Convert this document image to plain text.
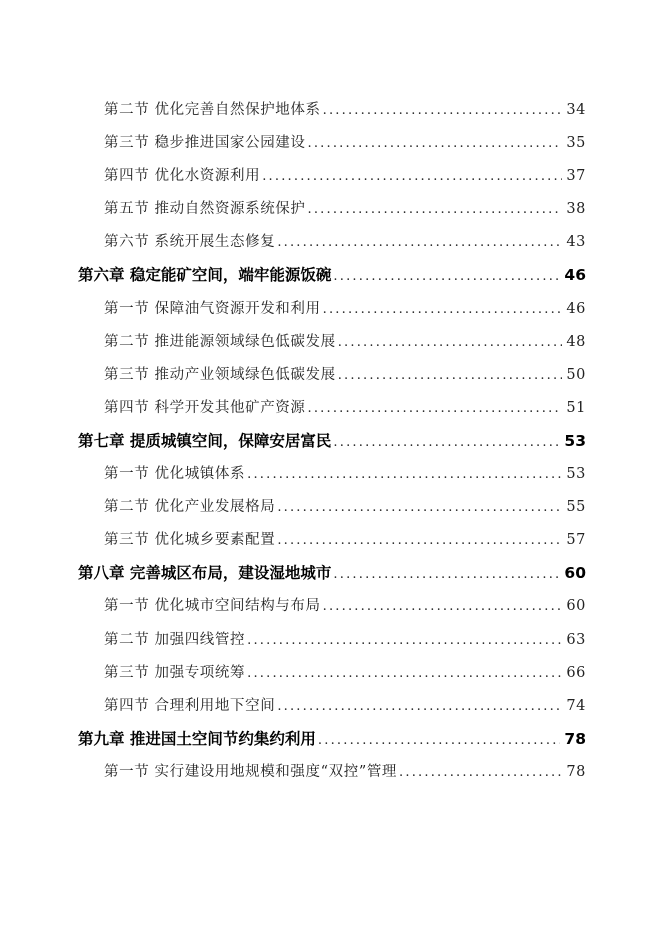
第二节 优化完善自然保护地体系 .....	34
第三节 稳步推进国家公园建设 .....	35
第四节 优化水资源利用 .....	37
第五节 推动自然资源系统保护 .....	38
第六节 系统开展生态修复 .....	43
第六章 稳定能矿空间，端牢能源饭碗 .....	46
第一节 保障油气资源开发和利用 .....	46
第二节 推进能源领域绿色低碳发展 .....	48
第三节 推动产业领域绿色低碳发展 .....	50
第四节 科学开发其他矿产资源 .....	51
第七章 提质城镇空间，保障安居富民 .....	53
第一节 优化城镇体系 .....	53
第二节 优化产业发展格局 .....	55
第三节 优化城乡要素配置 .....	57
第八章 完善城区布局，建设湿地城市 .....	60
第一节 优化城市空间结构与布局 .....	60
第二节 加强四线管控 .....	63
第三节 加强专项统筹 .....	66
第四节 合理利用地下空间 .....	74
第九章 推进国土空间节约集约利用 .....	78
第一节 实行建设用地规模和强度“双控”管理 .....	78
